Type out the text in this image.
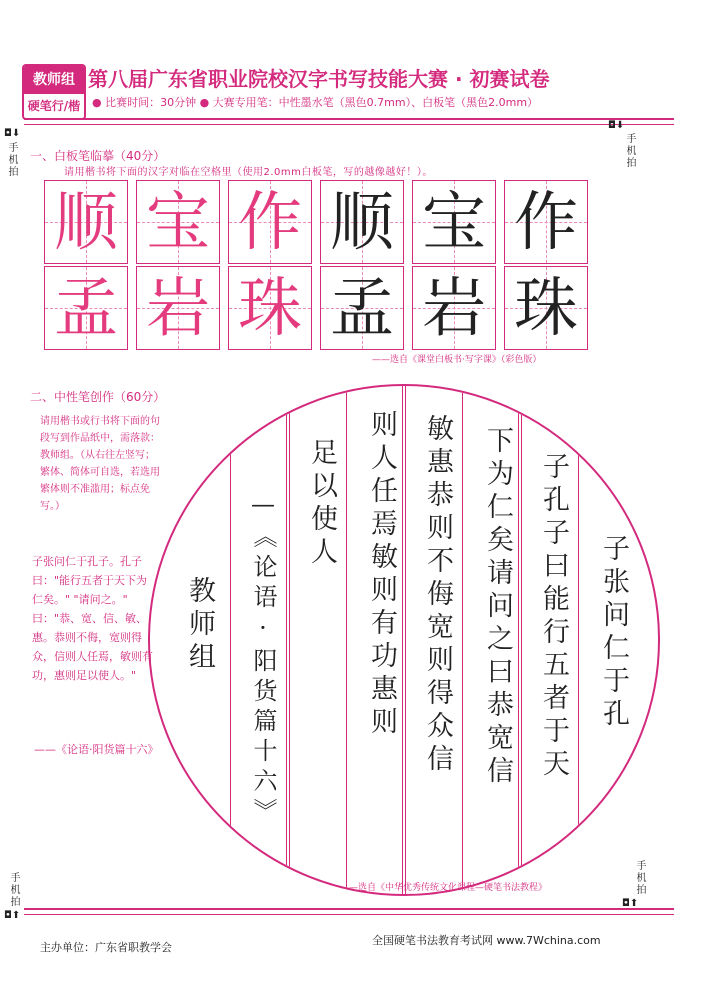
教师组
硬笔行/楷
第八届广东省职业院校汉字书写技能大赛 · 初赛试卷
● 比赛时间：30分钟 ● 大赛专用笔：中性墨水笔（黑色0.7mm）、白板笔（黑色2.0mm）
◘⬇
手机拍
◘⬇
手机拍
手机拍
◘⬆
手机拍
◘⬆
一、白板笔临摹（40分）
请用楷书将下面的汉字对临在空格里（使用2.0mm白板笔，写的越像越好！）。
顺 宝 作 顺 宝 作
孟 岩 珠 孟 岩 珠
——选自《课堂白板书·写字课》（彩色版）
二、中性笔创作（60分）
请用楷书或行书将下面的句段写到作品纸中，需落款：教师组。（从右往左竖写；繁体、简体可自选，若选用繁体则不准滥用；标点免写。）
子张问仁于孔子。孔子曰："能行五者于天下为仁矣。" "请问之。" 曰："恭、宽、信、敏、惠。恭则不侮，宽则得众，信则人任焉，敏则有功，惠则足以使人。"
——《论语·阳货篇十六》
子张问仁于孔
子孔子曰能行五者于天
下为仁矣请问之曰恭宽信
敏惠恭则不侮宽则得众信
则人任焉敏则有功惠则
足以使人
—《论语·阳货篇十六》
教师组
——选自《中华优秀传统文化课程—硬笔书法教程》
主办单位：广东省职教学会
全国硬笔书法教育考试网 www.7Wchina.com
